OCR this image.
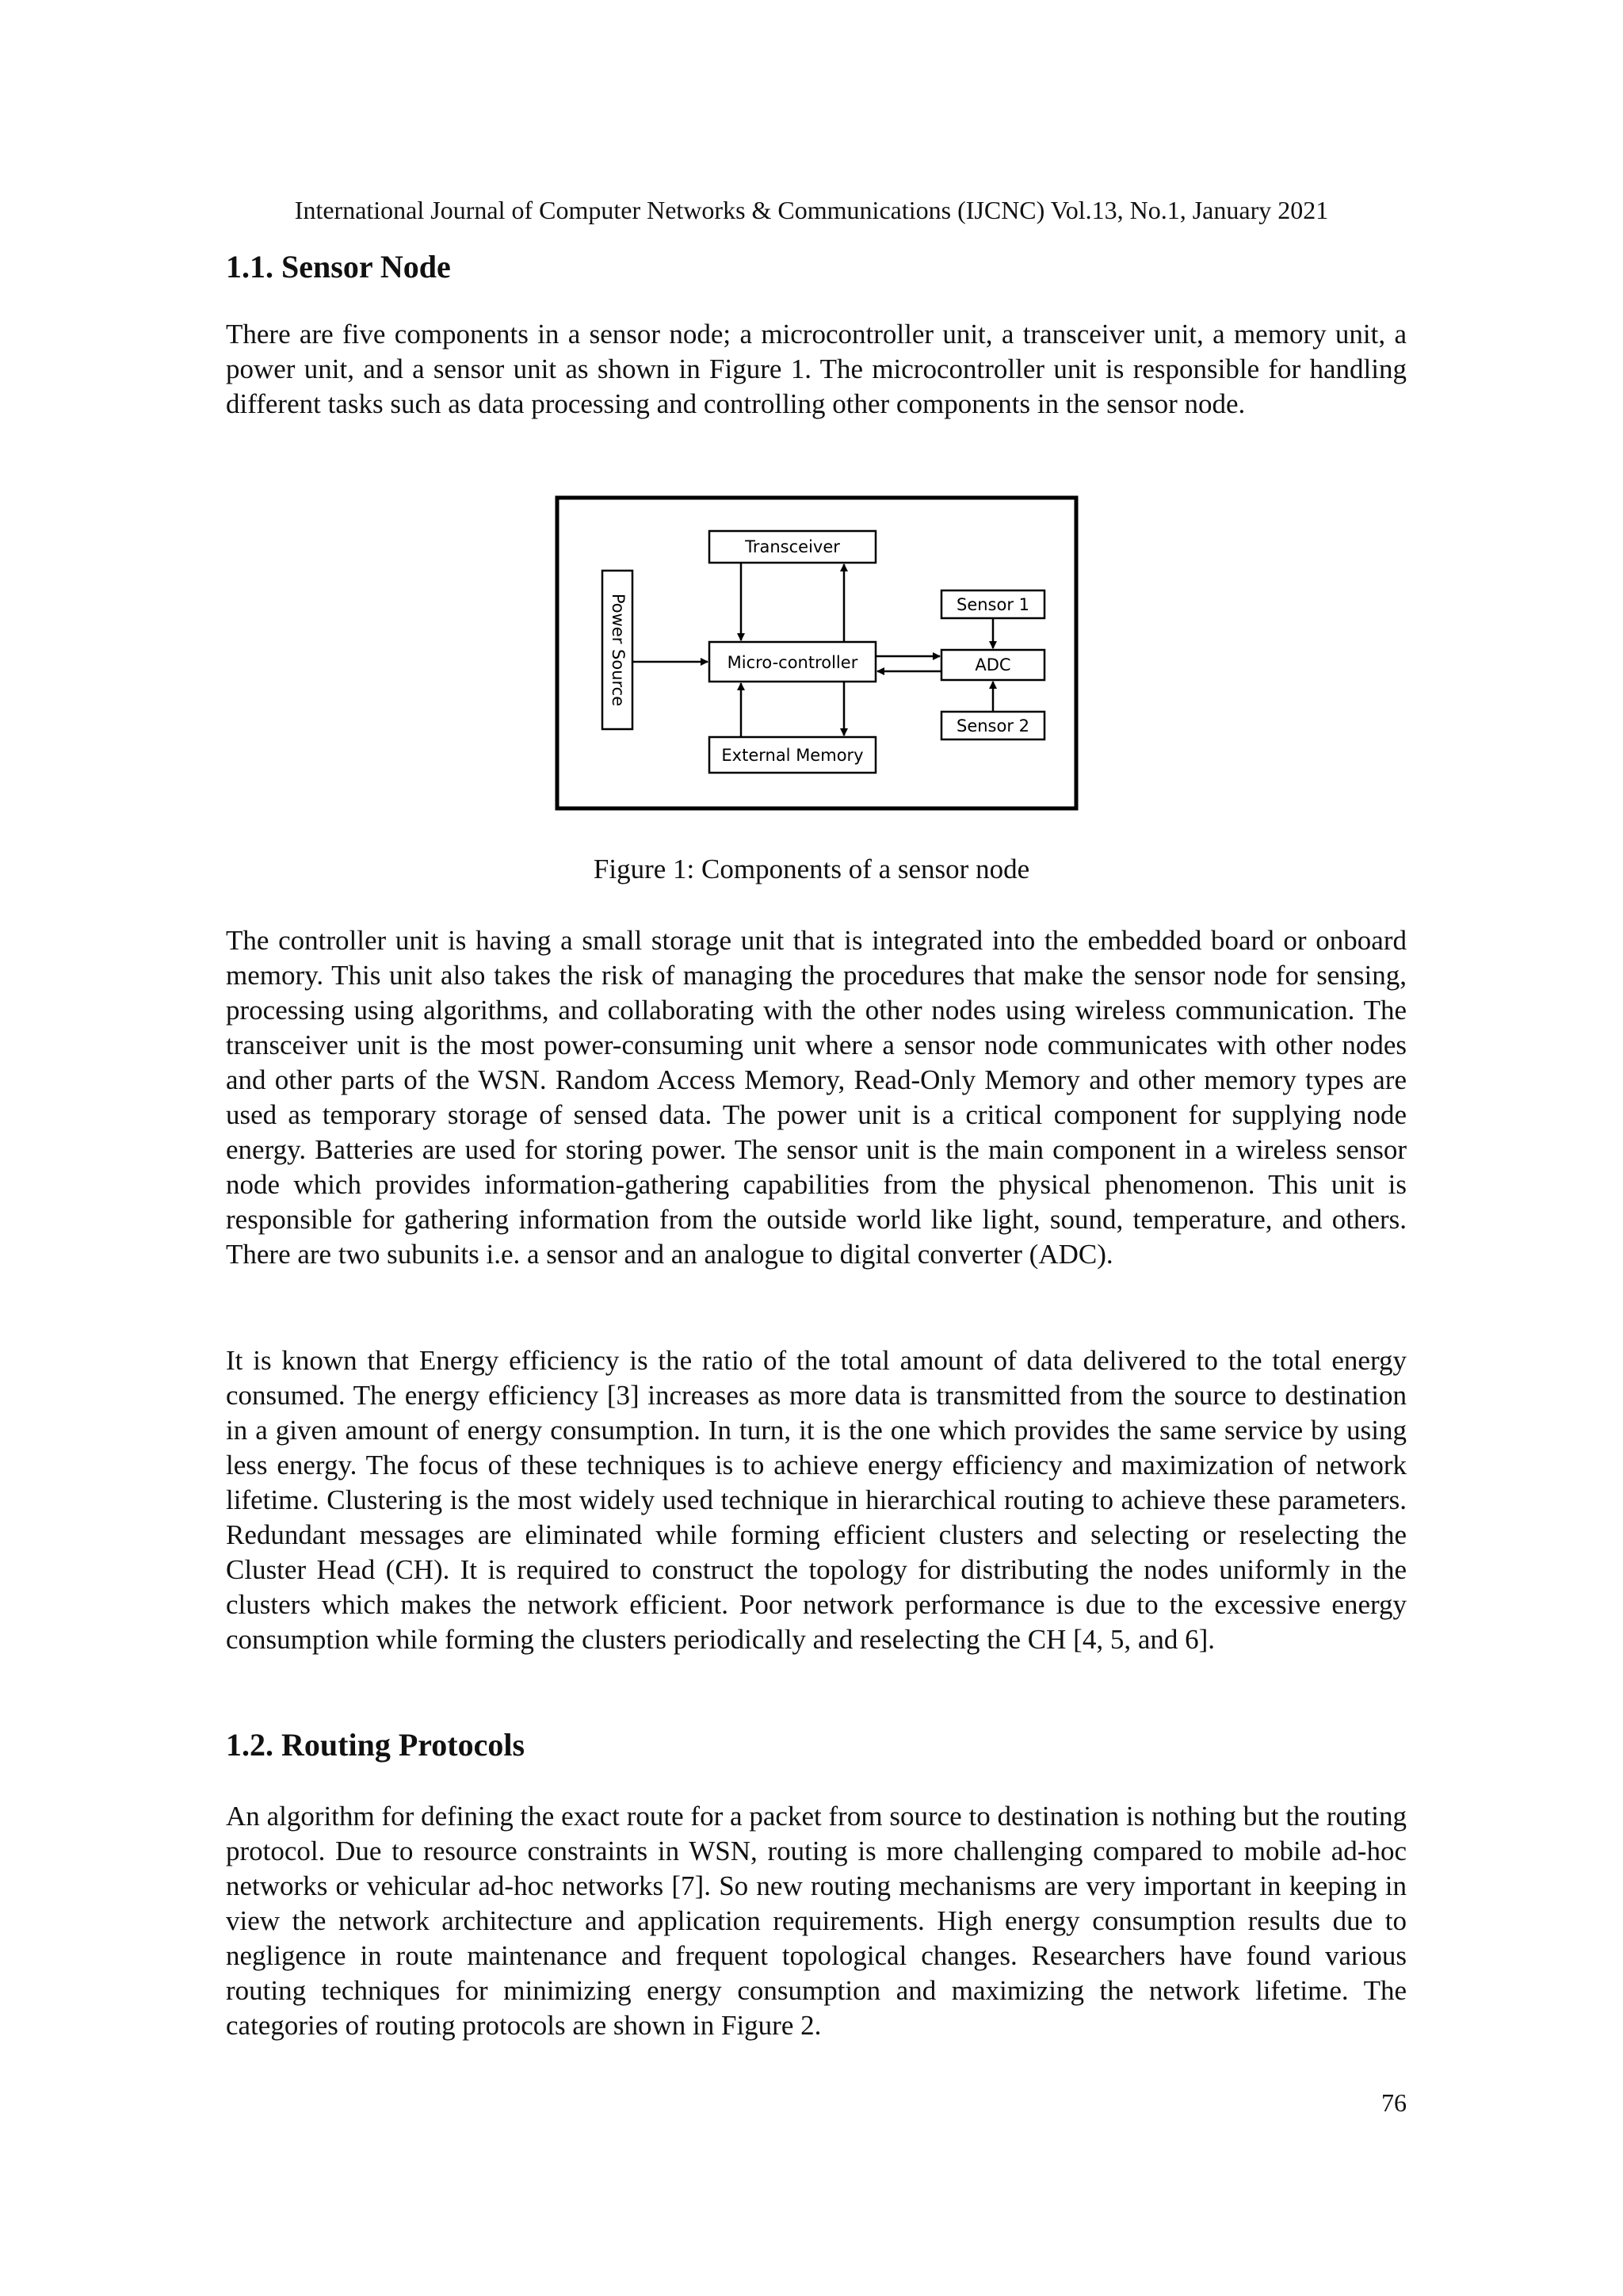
International Journal of Computer Networks & Communications (IJCNC) Vol.13, No.1, January 2021
1.1. Sensor Node

There are five components in a sensor node; a microcontroller unit, a transceiver unit, a memory unit, a power unit, and a sensor unit as shown in Figure 1. The microcontroller unit is responsible for handling different tasks such as data processing and controlling other components in the sensor node.

Transceiver
Power Source	Micro-controller
External Memory
Sensor 1
ADC
Sensor 2
Figure 1: Components of a sensor node

The controller unit is having a small storage unit that is integrated into the embedded board or onboard memory. This unit also takes the risk of managing the procedures that make the sensor node for sensing, processing using algorithms, and collaborating with the other nodes using wireless communication. The transceiver unit is the most power-consuming unit where a sensor node communicates with other nodes and other parts of the WSN. Random Access Memory, Read-Only Memory and other memory types are used as temporary storage of sensed data. The power unit is a critical component for supplying node energy. Batteries are used for storing power. The sensor unit is the main component in a wireless sensor node which provides information-gathering capabilities from the physical phenomenon. This unit is responsible for gathering information from the outside world like light, sound, temperature, and others. There are two subunits i.e. a sensor and an analogue to digital converter (ADC).

It is known that Energy efficiency is the ratio of the total amount of data delivered to the total energy consumed. The energy efficiency [3] increases as more data is transmitted from the source to destination in a given amount of energy consumption. In turn, it is the one which provides the same service by using less energy. The focus of these techniques is to achieve energy efficiency and maximization of network lifetime. Clustering is the most widely used technique in hierarchical routing to achieve these parameters. Redundant messages are eliminated while forming efficient clusters and selecting or reselecting the Cluster Head (CH). It is required to construct the topology for distributing the nodes uniformly in the clusters which makes the network efficient. Poor network performance is due to the excessive energy consumption while forming the clusters periodically and reselecting the CH [4, 5, and 6].

1.2. Routing Protocols

An algorithm for defining the exact route for a packet from source to destination is nothing but the routing protocol. Due to resource constraints in WSN, routing is more challenging compared to mobile ad-hoc networks or vehicular ad-hoc networks [7]. So new routing mechanisms are very important in keeping in view the network architecture and application requirements. High energy consumption results due to negligence in route maintenance and frequent topological changes. Researchers have found various routing techniques for minimizing energy consumption and maximizing the network lifetime. The categories of routing protocols are shown in Figure 2.

76
